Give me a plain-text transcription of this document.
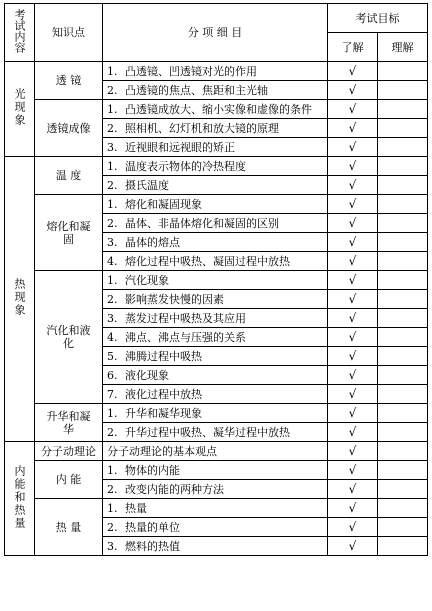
考试内容	知识点	分 项 细 目	考试目标	
			了解	理解
光现象	透 镜	1. 凸透镜、凹透镜对光的作用	√	
		2. 凸透镜的焦点、焦距和主光轴	√	
	透镜成像	1. 凸透镜成放大、缩小实像和虚像的条件	√	
		2. 照相机、幻灯机和放大镜的原理	√	
		3. 近视眼和远视眼的矫正	√	
热现象	温 度	1. 温度表示物体的冷热程度	√	
		2. 摄氏温度	√	
	熔化和凝 固	1. 熔化和凝固现象	√	
		2. 晶体、非晶体熔化和凝固的区别	√	
		3. 晶体的熔点	√	
		4. 熔化过程中吸热、凝固过程中放热	√	
	汽化和液 化	1. 汽化现象	√	
		2. 影响蒸发快慢的因素	√	
		3. 蒸发过程中吸热及其应用	√	
		4. 沸点、沸点与压强的关系	√	
		5. 沸腾过程中吸热	√	
		6. 液化现象	√	
		7. 液化过程中放热	√	
	升华和凝 华	1. 升华和凝华现象	√	
		2. 升华过程中吸热、凝华过程中放热	√	
内能和热量	分子动理论	分子动理论的基本观点	√	
	内 能	1. 物体的内能	√	
		2. 改变内能的两种方法	√	
	热 量	1. 热量	√	
		2. 热量的单位	√	
		3. 燃料的热值	√	
